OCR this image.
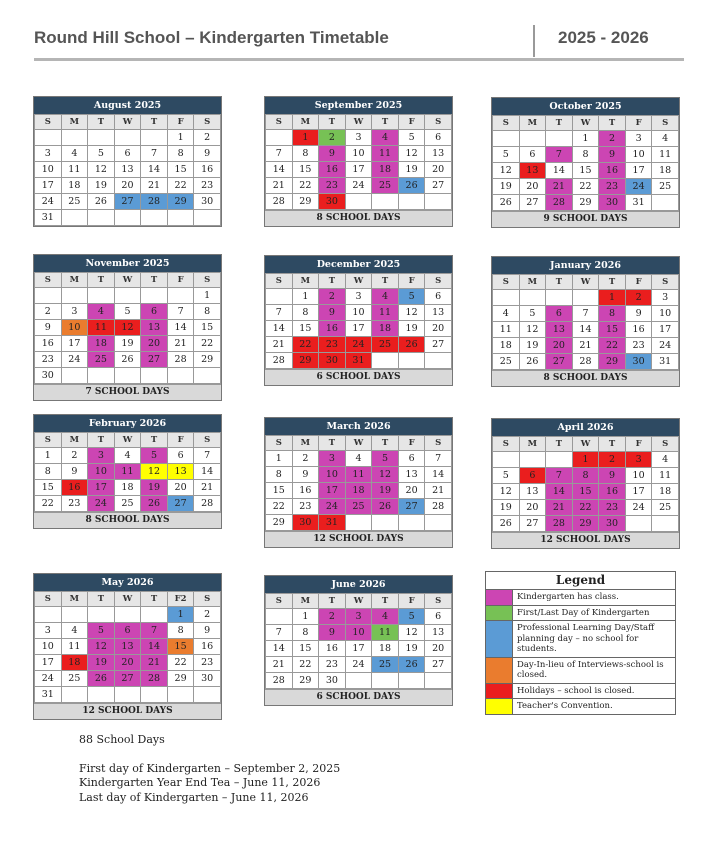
Round Hill School – Kindergarten Timetable	2025 - 2026
August 2025
S	M	T	W	T	F	S
					1	2
3	4	5	6	7	8	9
10	11	12	13	14	15	16
17	18	19	20	21	22	23
24	25	26	27	28	29	30
31						
September 2025
S	M	T	W	T	F	S
	1	2	3	4	5	6
7	8	9	10	11	12	13
14	15	16	17	18	19	20
21	22	23	24	25	26	27
28	29	30				
8 SCHOOL DAYS
October 2025
S	M	T	W	T	F	S
			1	2	3	4
5	6	7	8	9	10	11
12	13	14	15	16	17	18
19	20	21	22	23	24	25
26	27	28	29	30	31	
9 SCHOOL DAYS
November 2025
S	M	T	W	T	F	S
						1
2	3	4	5	6	7	8
9	10	11	12	13	14	15
16	17	18	19	20	21	22
23	24	25	26	27	28	29
30						
7 SCHOOL DAYS
December 2025
S	M	T	W	T	F	S
	1	2	3	4	5	6
7	8	9	10	11	12	13
14	15	16	17	18	19	20
21	22	23	24	25	26	27
28	29	30	31			
6 SCHOOL DAYS
January 2026
S	M	T	W	T	F	S
				1	2	3
4	5	6	7	8	9	10
11	12	13	14	15	16	17
18	19	20	21	22	23	24
25	26	27	28	29	30	31
8 SCHOOL DAYS
February 2026
S	M	T	W	T	F	S
1	2	3	4	5	6	7
8	9	10	11	12	13	14
15	16	17	18	19	20	21
22	23	24	25	26	27	28
8 SCHOOL DAYS
March 2026
S	M	T	W	T	F	S
1	2	3	4	5	6	7
8	9	10	11	12	13	14
15	16	17	18	19	20	21
22	23	24	25	26	27	28
29	30	31				
12 SCHOOL DAYS
April 2026
S	M	T	W	T	F	S
			1	2	3	4
5	6	7	8	9	10	11
12	13	14	15	16	17	18
19	20	21	22	23	24	25
26	27	28	29	30		
12 SCHOOL DAYS
May 2026
S	M	T	W	T	F2	S
					1	2
3	4	5	6	7	8	9
10	11	12	13	14	15	16
17	18	19	20	21	22	23
24	25	26	27	28	29	30
31						
12 SCHOOL DAYS
June 2026
S	M	T	W	T	F	S
	1	2	3	4	5	6
7	8	9	10	11	12	13
14	15	16	17	18	19	20
21	22	23	24	25	26	27
28	29	30				
6 SCHOOL DAYS
Legend
Kindergarten has class.
First/Last Day of Kindergarten
Professional Learning Day/Staff planning day – no school for students.
Day-In-lieu of Interviews-school is closed.
Holidays – school is closed.
Teacher's Convention.
88 School Days
First day of Kindergarten – September 2, 2025
Kindergarten Year End Tea – June 11, 2026
Last day of Kindergarten – June 11, 2026
